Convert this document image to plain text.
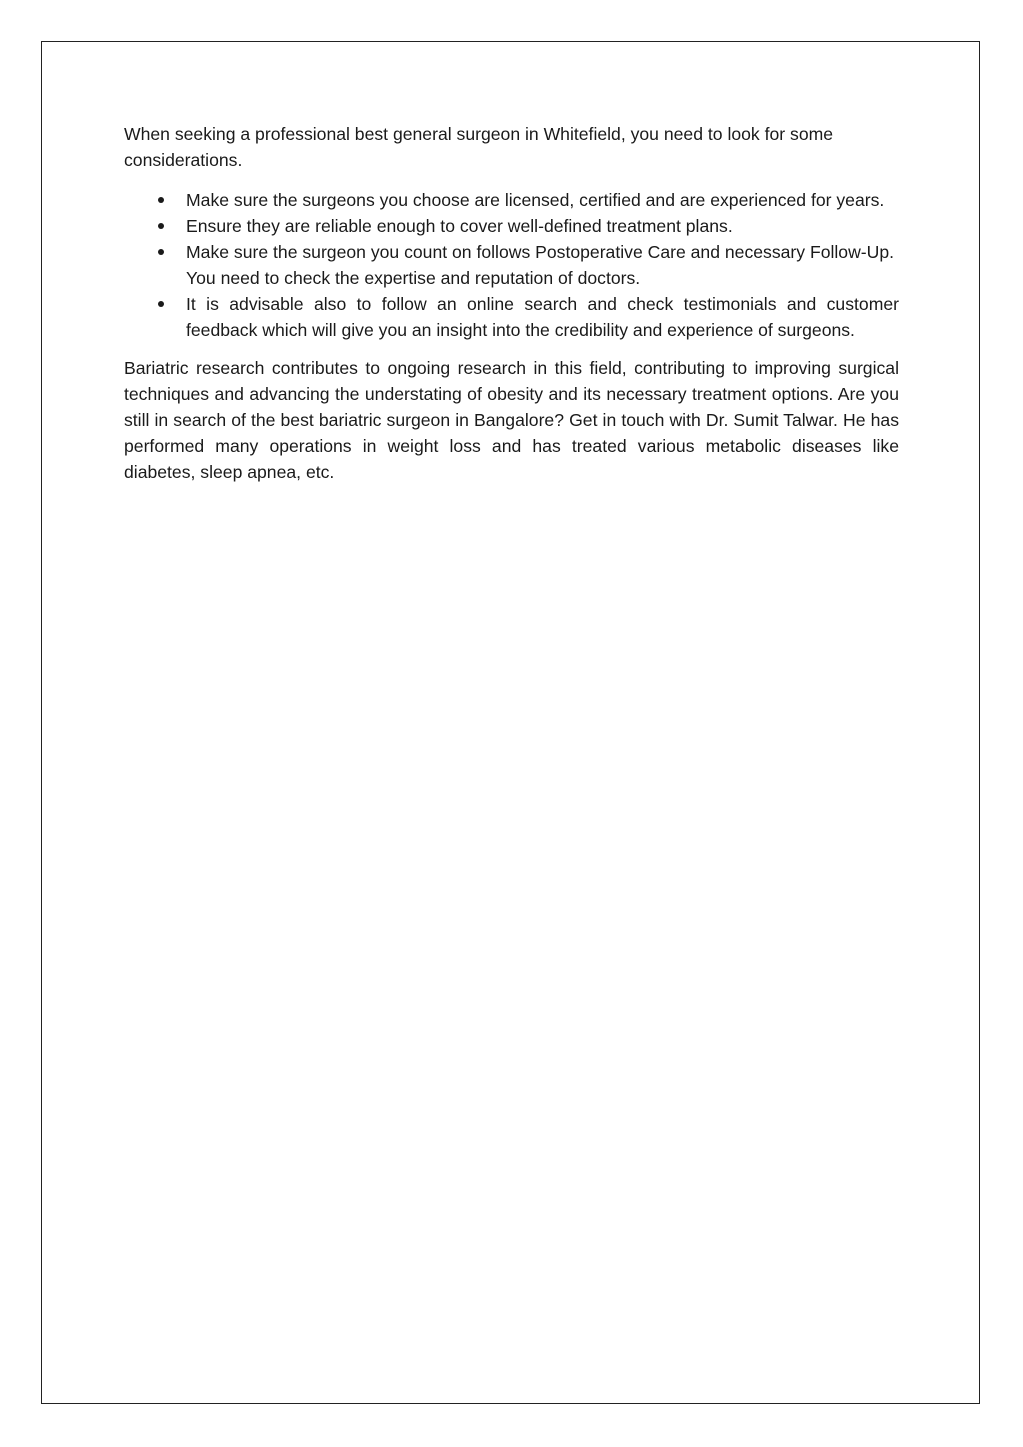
When seeking a professional best general surgeon in Whitefield, you need to look for some considerations.

Make sure the surgeons you choose are licensed, certified and are experienced for years.
Ensure they are reliable enough to cover well-defined treatment plans.
Make sure the surgeon you count on follows Postoperative Care and necessary Follow-Up. You need to check the expertise and reputation of doctors.
It is advisable also to follow an online search and check testimonials and customer feedback which will give you an insight into the credibility and experience of surgeons.

Bariatric research contributes to ongoing research in this field, contributing to improving surgical techniques and advancing the understating of obesity and its necessary treatment options. Are you still in search of the best bariatric surgeon in Bangalore? Get in touch with Dr. Sumit Talwar. He has performed many operations in weight loss and has treated various metabolic diseases like diabetes, sleep apnea, etc.
